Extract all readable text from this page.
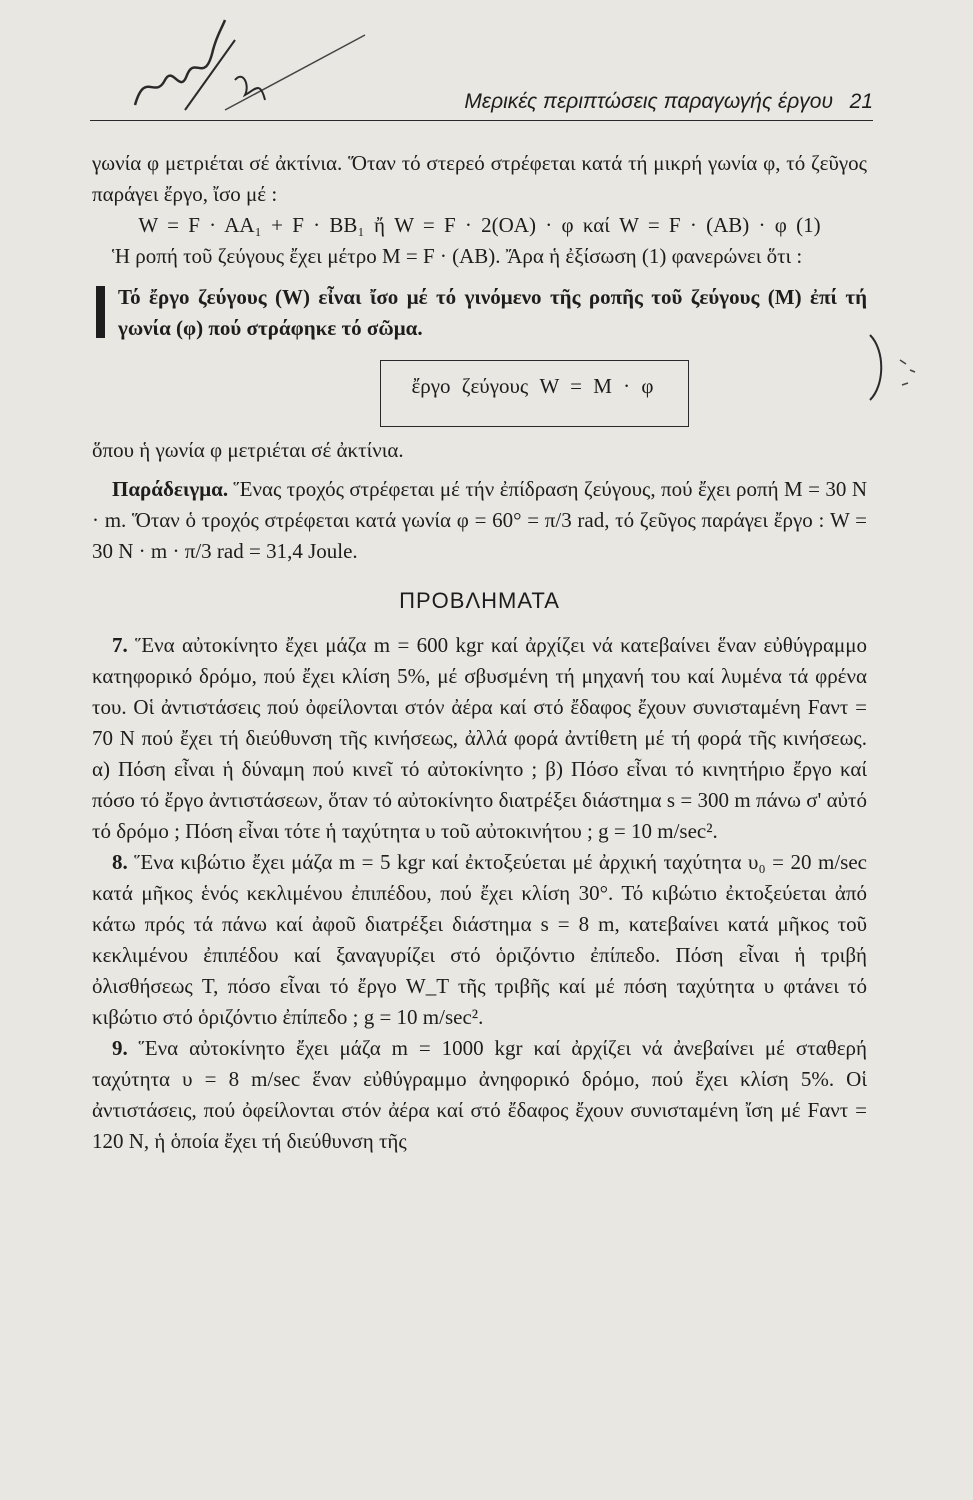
Μερικές περιπτώσεις παραγωγής έργου 21

γωνία φ μετριέται σέ ἀκτίνια. Ὅταν τό στερεό στρέφεται κατά τή μικρή γωνία φ, τό ζεῦγος παράγει ἔργο, ἴσο μέ :

W = F · AA₁ + F · BB₁ ἤ W = F · 2(OA) · φ καί W = F · (AB) · φ (1)

Ἡ ροπή τοῦ ζεύγους ἔχει μέτρο M = F · (AB). Ἄρα ἡ ἐξίσωση (1) φανερώνει ὅτι :

Τό ἔργο ζεύγους (W) εἶναι ἴσο μέ τό γινόμενο τῆς ροπῆς τοῦ ζεύγους (M) ἐπί τή γωνία (φ) πού στράφηκε τό σῶμα.

ἔργο ζεύγους W = M · φ

ὅπου ἡ γωνία φ μετριέται σέ ἀκτίνια.

Παράδειγμα. Ἕνας τροχός στρέφεται μέ τήν ἐπίδραση ζεύγους, πού ἔχει ροπή M = 30 N · m. Ὅταν ὁ τροχός στρέφεται κατά γωνία φ = 60° = π/3 rad, τό ζεῦγος παράγει ἔργο : W = 30 N · m · π/3 rad = 31,4 Joule.

ΠΡΟΒΛΗΜΑΤΑ

7. Ἕνα αὐτοκίνητο ἔχει μάζα m = 600 kgr καί ἀρχίζει νά κατεβαίνει ἕναν εὐθύγραμμο κατηφορικό δρόμο, πού ἔχει κλίση 5%, μέ σβυσμένη τή μηχανή του καί λυμένα τά φρένα του. Οἱ ἀντιστάσεις πού ὀφείλονται στόν ἀέρα καί στό ἔδαφος ἔχουν συνισταμένη Fαντ = 70 N πού ἔχει τή διεύθυνση τῆς κινήσεως, ἀλλά φορά ἀντίθετη μέ τή φορά τῆς κινήσεως. α) Πόση εἶναι ἡ δύναμη πού κινεῖ τό αὐτοκίνητο ; β) Πόσο εἶναι τό κινητήριο ἔργο καί πόσο τό ἔργο ἀντιστάσεων, ὅταν τό αὐτοκίνητο διατρέξει διάστημα s = 300 m πάνω σ' αὐτό τό δρόμο ; Πόση εἶναι τότε ἡ ταχύτητα υ τοῦ αὐτοκινήτου ; g = 10 m/sec².

8. Ἕνα κιβώτιο ἔχει μάζα m = 5 kgr καί ἐκτοξεύεται μέ ἀρχική ταχύτητα υ₀ = 20 m/sec κατά μῆκος ἑνός κεκλιμένου ἐπιπέδου, πού ἔχει κλίση 30°. Τό κιβώτιο ἐκτοξεύεται ἀπό κάτω πρός τά πάνω καί ἀφοῦ διατρέξει διάστημα s = 8 m, κατεβαίνει κατά μῆκος τοῦ κεκλιμένου ἐπιπέδου καί ξαναγυρίζει στό ὁριζόντιο ἐπίπεδο. Πόση εἶναι ἡ τριβή ὀλισθήσεως T, πόσο εἶναι τό ἔργο W_T τῆς τριβῆς καί μέ πόση ταχύτητα υ φτάνει τό κιβώτιο στό ὁριζόντιο ἐπίπεδο ; g = 10 m/sec².

9. Ἕνα αὐτοκίνητο ἔχει μάζα m = 1000 kgr καί ἀρχίζει νά ἀνεβαίνει μέ σταθερή ταχύτητα υ = 8 m/sec ἕναν εὐθύγραμμο ἀνηφορικό δρόμο, πού ἔχει κλίση 5%. Οἱ ἀντιστάσεις, πού ὀφείλονται στόν ἀέρα καί στό ἔδαφος ἔχουν συνισταμένη ἴση μέ Fαντ = 120 N, ἡ ὁποία ἔχει τή διεύθυνση τῆς
